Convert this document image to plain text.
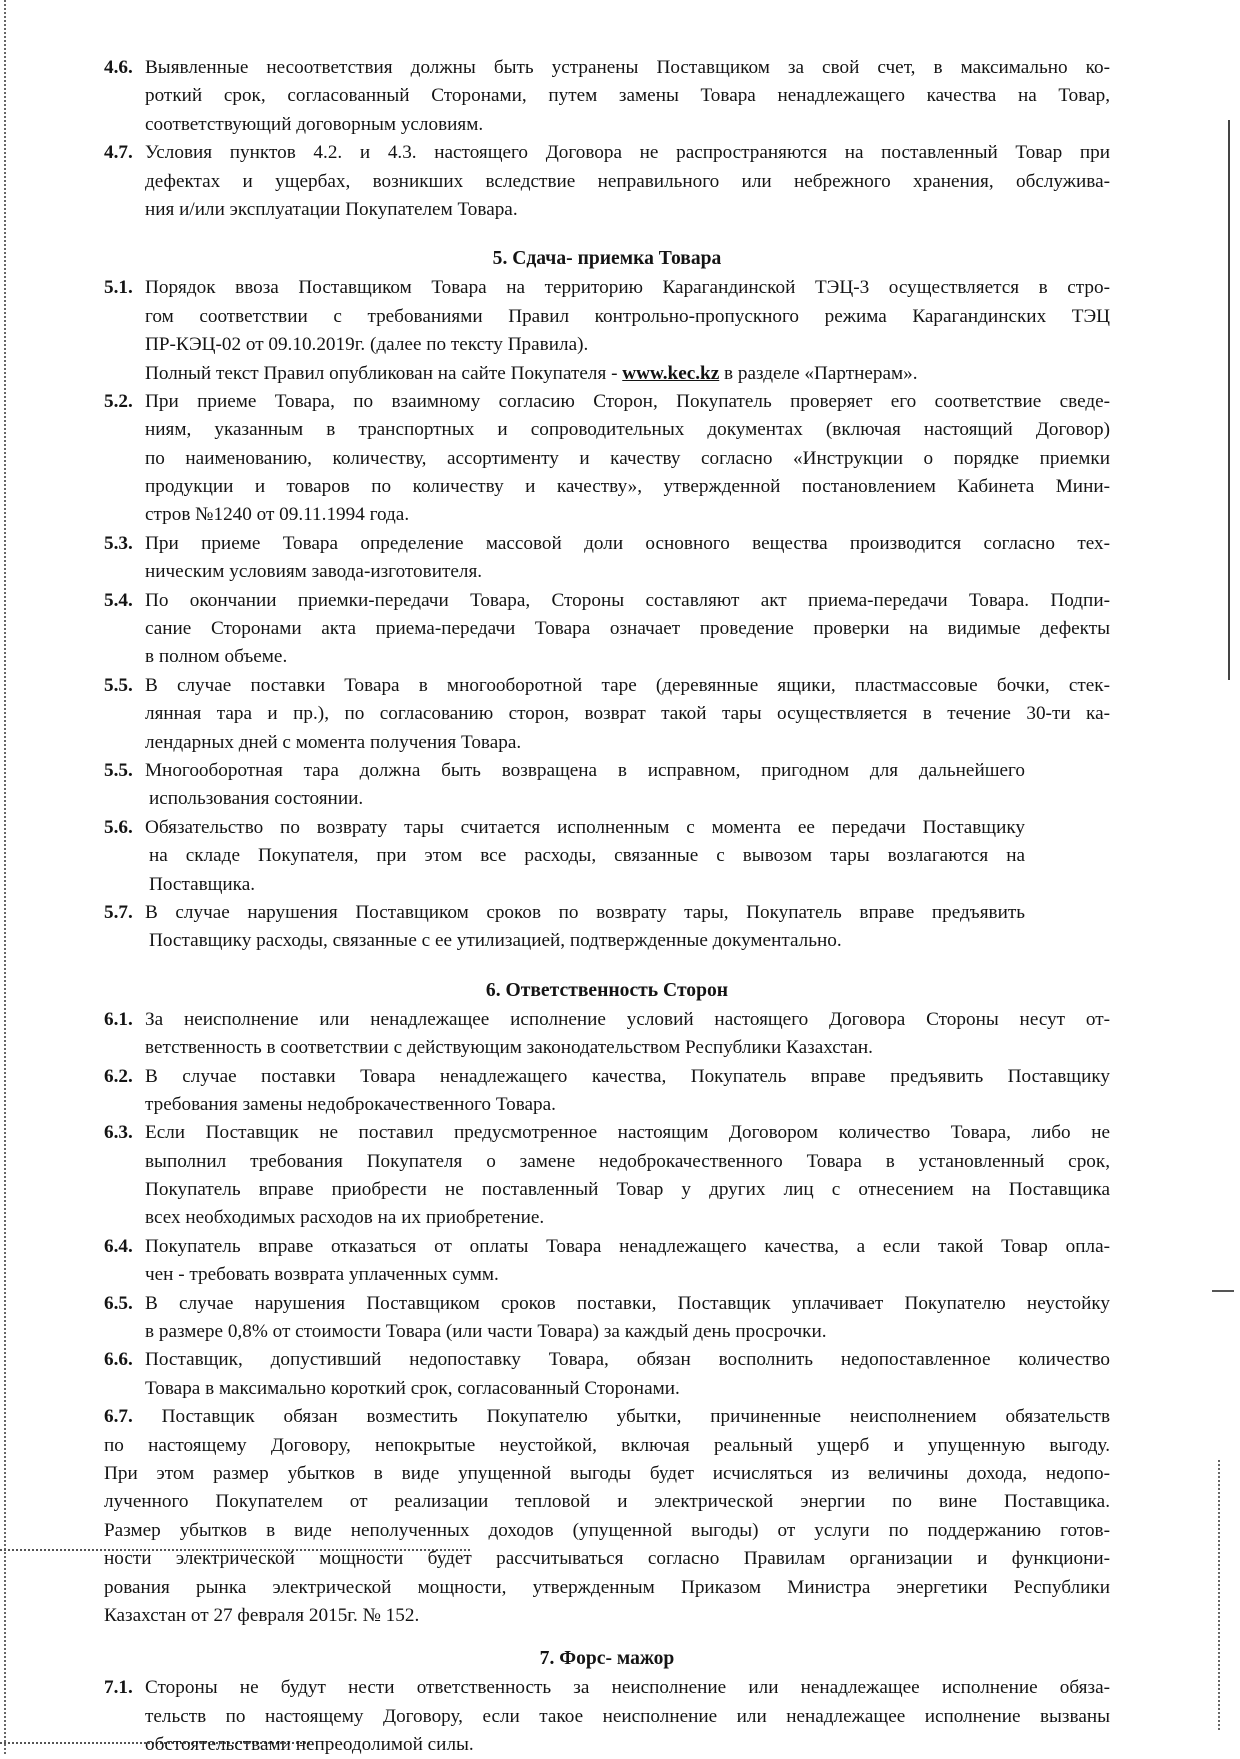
4.6. Выявленные несоответствия должны быть устранены Поставщиком за свой счет, в максимально ко-
роткий срок, согласованный Сторонами, путем замены Товара ненадлежащего качества на Товар,
соответствующий договорным условиям.
4.7. Условия пунктов 4.2. и 4.3. настоящего Договора не распространяются на поставленный Товар при
дефектах и ущербах, возникших вследствие неправильного или небрежного хранения, обслужива-
ния и/или эксплуатации Покупателем Товара.
5. Сдача- приемка Товара
5.1. Порядок ввоза Поставщиком Товара на территорию Карагандинской ТЭЦ-3 осуществляется в стро-
гом соответствии с требованиями Правил контрольно-пропускного режима Карагандинских ТЭЦ
ПР-КЭЦ-02 от 09.10.2019г. (далее по тексту Правила).
Полный текст Правил опубликован на сайте Покупателя - www.kec.kz в разделе «Партнерам».
5.2. При приеме Товара, по взаимному согласию Сторон, Покупатель проверяет его соответствие сведе-
ниям, указанным в транспортных и сопроводительных документах (включая настоящий Договор)
по наименованию, количеству, ассортименту и качеству согласно «Инструкции о порядке приемки
продукции и товаров по количеству и качеству», утвержденной постановлением Кабинета Мини-
стров №1240 от 09.11.1994 года.
5.3. При приеме Товара определение массовой доли основного вещества производится согласно тех-
ническим условиям завода-изготовителя.
5.4. По окончании приемки-передачи Товара, Стороны составляют акт приема-передачи Товара. Подпи-
сание Сторонами акта приема-передачи Товара означает проведение проверки на видимые дефекты
в полном объеме.
5.5. В случае поставки Товара в многооборотной таре (деревянные ящики, пластмассовые бочки, стек-
лянная тара и пр.), по согласованию сторон, возврат такой тары осуществляется в течение 30-ти ка-
лендарных дней с момента получения Товара.
5.5. Многооборотная тара должна быть возвращена в исправном, пригодном для дальнейшего
использования состоянии.
5.6. Обязательство по возврату тары считается исполненным с момента ее передачи Поставщику
на складе Покупателя, при этом все расходы, связанные с вывозом тары возлагаются на
Поставщика.
5.7. В случае нарушения Поставщиком сроков по возврату тары, Покупатель вправе предъявить
Поставщику расходы, связанные с ее утилизацией, подтвержденные документально.
6. Ответственность Сторон
6.1. За неисполнение или ненадлежащее исполнение условий настоящего Договора Стороны несут от-
ветственность в соответствии с действующим законодательством Республики Казахстан.
6.2. В случае поставки Товара ненадлежащего качества, Покупатель вправе предъявить Поставщику
требования замены недоброкачественного Товара.
6.3. Если Поставщик не поставил предусмотренное настоящим Договором количество Товара, либо не
выполнил требования Покупателя о замене недоброкачественного Товара в установленный срок,
Покупатель вправе приобрести не поставленный Товар у других лиц с отнесением на Поставщика
всех необходимых расходов на их приобретение.
6.4. Покупатель вправе отказаться от оплаты Товара ненадлежащего качества, а если такой Товар опла-
чен - требовать возврата уплаченных сумм.
6.5. В случае нарушения Поставщиком сроков поставки, Поставщик уплачивает Покупателю неустойку
в размере 0,8% от стоимости Товара (или части Товара) за каждый день просрочки.
6.6. Поставщик, допустивший недопоставку Товара, обязан восполнить недопоставленное количество
Товара в максимально короткий срок, согласованный Сторонами.
6.7. Поставщик обязан возместить Покупателю убытки, причиненные неисполнением обязательств
по настоящему Договору, непокрытые неустойкой, включая реальный ущерб и упущенную выгоду.
При этом размер убытков в виде упущенной выгоды будет исчисляться из величины дохода, недопо-
лученного Покупателем от реализации тепловой и электрической энергии по вине Поставщика.
Размер убытков в виде неполученных доходов (упущенной выгоды) от услуги по поддержанию готов-
ности электрической мощности будет рассчитываться согласно Правилам организации и функциони-
рования рынка электрической мощности, утвержденным Приказом Министра энергетики Республики
Казахстан от 27 февраля 2015г. № 152.
7. Форс- мажор
7.1. Стороны не будут нести ответственность за неисполнение или ненадлежащее исполнение обяза-
тельств по настоящему Договору, если такое неисполнение или ненадлежащее исполнение вызваны
обстоятельствами непреодолимой силы.
